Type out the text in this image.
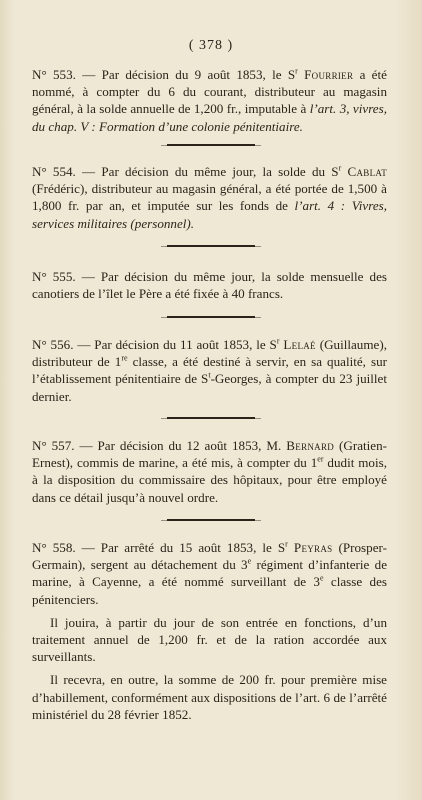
( 378 )

N° 553. — Par décision du 9 août 1853, le $S^r$ Fourrier a été nommé, à compter du 6 du courant, distributeur au magasin général, à la solde annuelle de 1,200 fr., imputable à l’art. 3, vivres, du chap. V : Formation d’une colonie pénitentiaire.

N° 554. — Par décision du même jour, la solde du $S^r$ Cablat (Frédéric), distributeur au magasin général, a été portée de 1,500 à 1,800 fr. par an, et imputée sur les fonds de l’art. 4 : Vivres, services militaires (personnel).

N° 555. — Par décision du même jour, la solde mensuelle des canotiers de l’îlet le Père a été fixée à 40 francs.

N° 556. — Par décision du 11 août 1853, le $S^r$ Lelaé (Guillaume), distributeur de 1re classe, a été destiné à servir, en sa qualité, sur l’établissement pénitentiaire de $S^t$-Georges, à compter du 23 juillet dernier.

N° 557. — Par décision du 12 août 1853, M. Bernard (Gratien-Ernest), commis de marine, a été mis, à compter du 1er dudit mois, à la disposition du commissaire des hôpitaux, pour être employé dans ce détail jusqu’à nouvel ordre.

N° 558. — Par arrêté du 15 août 1853, le $S^r$ Peyras (Prosper-Germain), sergent au détachement du 3e régiment d’infanterie de marine, à Cayenne, a été nommé surveillant de 3e classe des pénitenciers.

Il jouira, à partir du jour de son entrée en fonctions, d’un traitement annuel de 1,200 fr. et de la ration accordée aux surveillants.

Il recevra, en outre, la somme de 200 fr. pour première mise d’habillement, conformément aux dispositions de l’art. 6 de l’arrêté ministériel du 28 février 1852.
